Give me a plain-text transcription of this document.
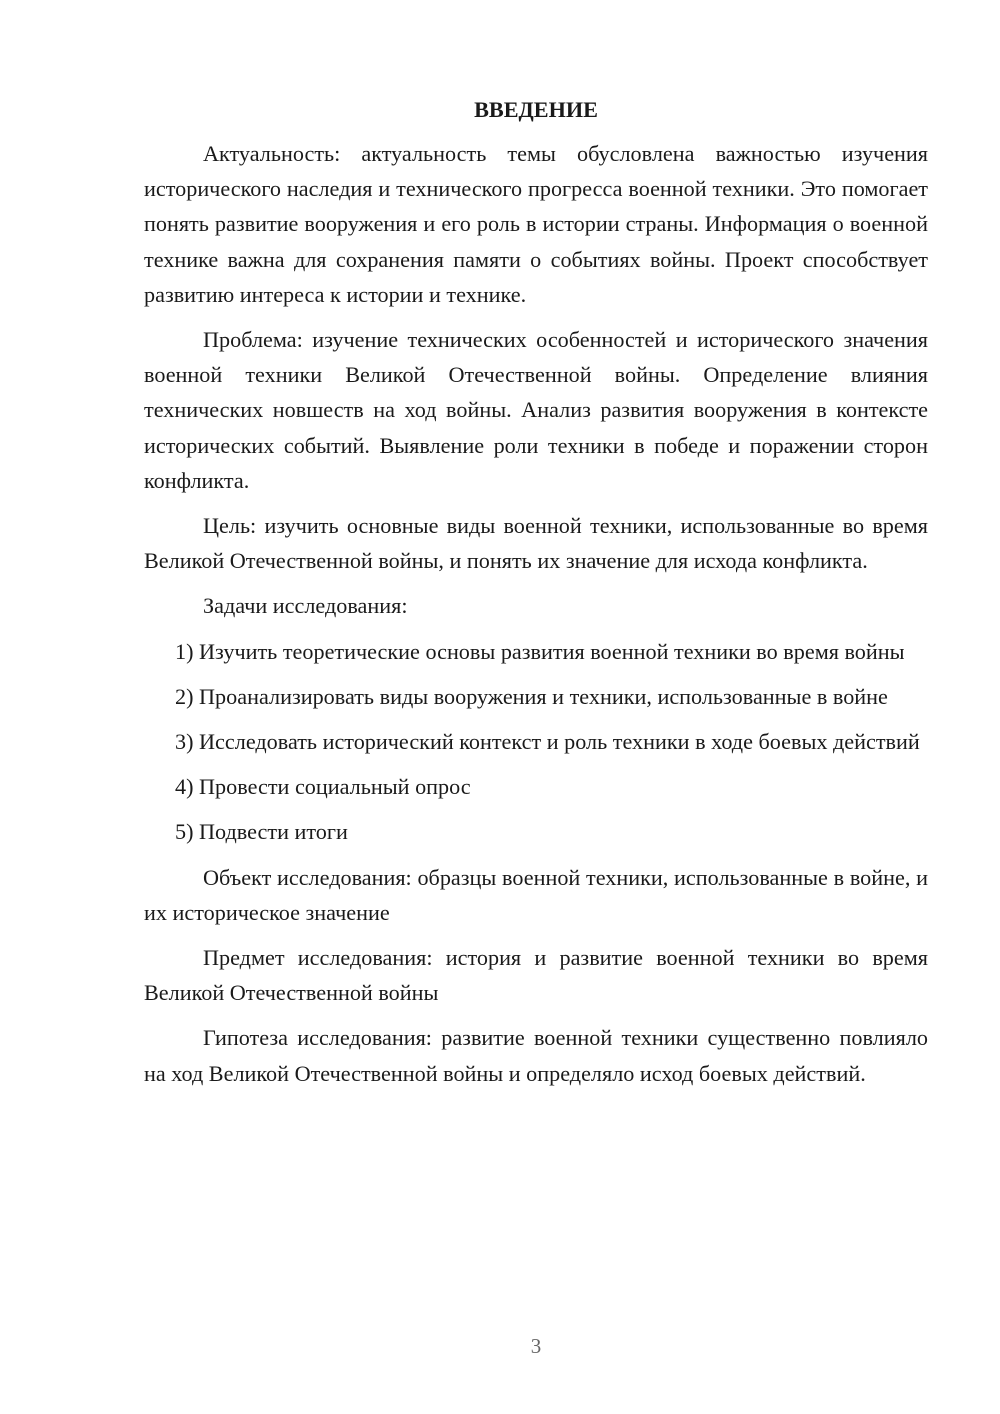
ВВЕДЕНИЕ

Актуальность: актуальность темы обусловлена важностью изучения исторического наследия и технического прогресса военной техники. Это помогает понять развитие вооружения и его роль в истории страны. Информация о военной технике важна для сохранения памяти о событиях войны. Проект способствует развитию интереса к истории и технике.

Проблема: изучение технических особенностей и исторического значения военной техники Великой Отечественной войны. Определение влияния технических новшеств на ход войны. Анализ развития вооружения в контексте исторических событий. Выявление роли техники в победе и поражении сторон конфликта.

Цель: изучить основные виды военной техники, использованные во время Великой Отечественной войны, и понять их значение для исхода конфликта.

Задачи исследования:

1) Изучить теоретические основы развития военной техники во время войны

2) Проанализировать виды вооружения и техники, использованные в войне

3) Исследовать исторический контекст и роль техники в ходе боевых действий

4) Провести социальный опрос

5) Подвести итоги

Объект исследования: образцы военной техники, использованные в войне, и их историческое значение

Предмет исследования: история и развитие военной техники во время Великой Отечественной войны

Гипотеза исследования: развитие военной техники существенно повлияло на ход Великой Отечественной войны и определяло исход боевых действий.

3
